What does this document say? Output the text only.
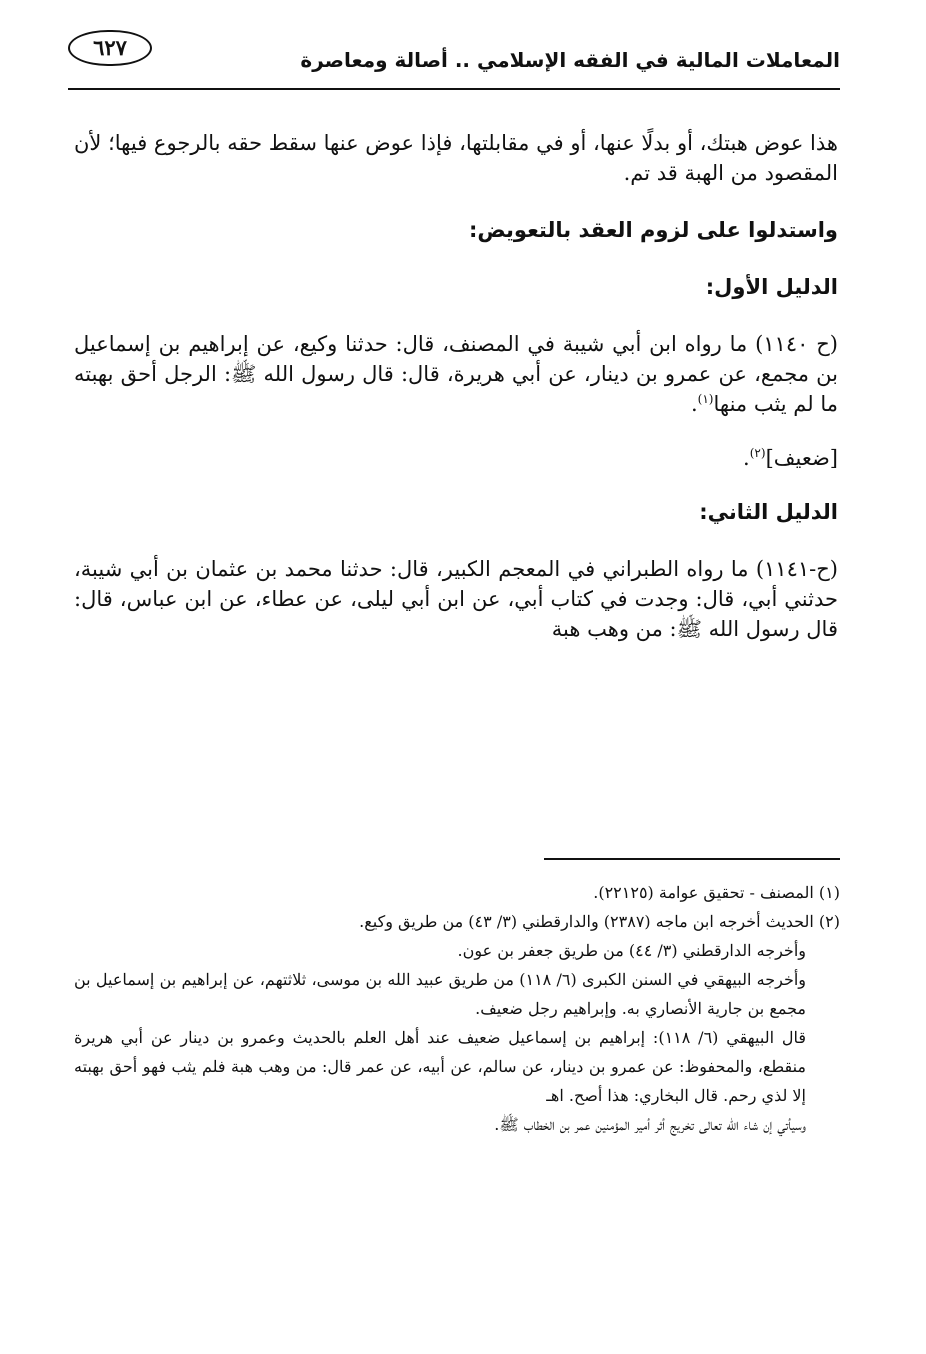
المعاملات المالية في الفقه الإسلامي .. أصالة ومعاصرة
٦٢٧

هذا عوض هبتك، أو بدلًا عنها، أو في مقابلتها، فإذا عوض عنها سقط حقه بالرجوع فيها؛ لأن المقصود من الهبة قد تم.

واستدلوا على لزوم العقد بالتعويض:

الدليل الأول:

(ح ١١٤٠) ما رواه ابن أبي شيبة في المصنف، قال: حدثنا وكيع، عن إبراهيم بن إسماعيل بن مجمع، عن عمرو بن دينار، عن أبي هريرة، قال: قال رسول الله ﷺ: الرجل أحق بهبته ما لم يثب منها$^{(١)}$.

[ضعيف]$^{(٢)}$.

الدليل الثاني:

(ح-١١٤١) ما رواه الطبراني في المعجم الكبير، قال: حدثنا محمد بن عثمان بن أبي شيبة، حدثني أبي، قال: وجدت في كتاب أبي، عن ابن أبي ليلى، عن عطاء، عن ابن عباس، قال: قال رسول الله ﷺ: من وهب هبة

(١) المصنف - تحقيق عوامة (٢٢١٢٥).

(٢) الحديث أخرجه ابن ماجه (٢٣٨٧) والدارقطني (٣/ ٤٣) من طريق وكيع.

وأخرجه الدارقطني (٣/ ٤٤) من طريق جعفر بن عون.

وأخرجه البيهقي في السنن الكبرى (٦/ ١١٨) من طريق عبيد الله بن موسى، ثلاثتهم، عن إبراهيم بن إسماعيل بن مجمع بن جارية الأنصاري به. وإبراهيم رجل ضعيف.

قال البيهقي (٦/ ١١٨): إبراهيم بن إسماعيل ضعيف عند أهل العلم بالحديث وعمرو بن دينار عن أبي هريرة منقطع، والمحفوظ: عن عمرو بن دينار، عن سالم، عن أبيه، عن عمر قال: من وهب هبة فلم يثب فهو أحق بهبته إلا لذي رحم. قال البخاري: هذا أصح. اهـ

وسيأتي إن شاء الله تعالى تخريج أثر أمير المؤمنين عمر بن الخطاب ﷺ.
